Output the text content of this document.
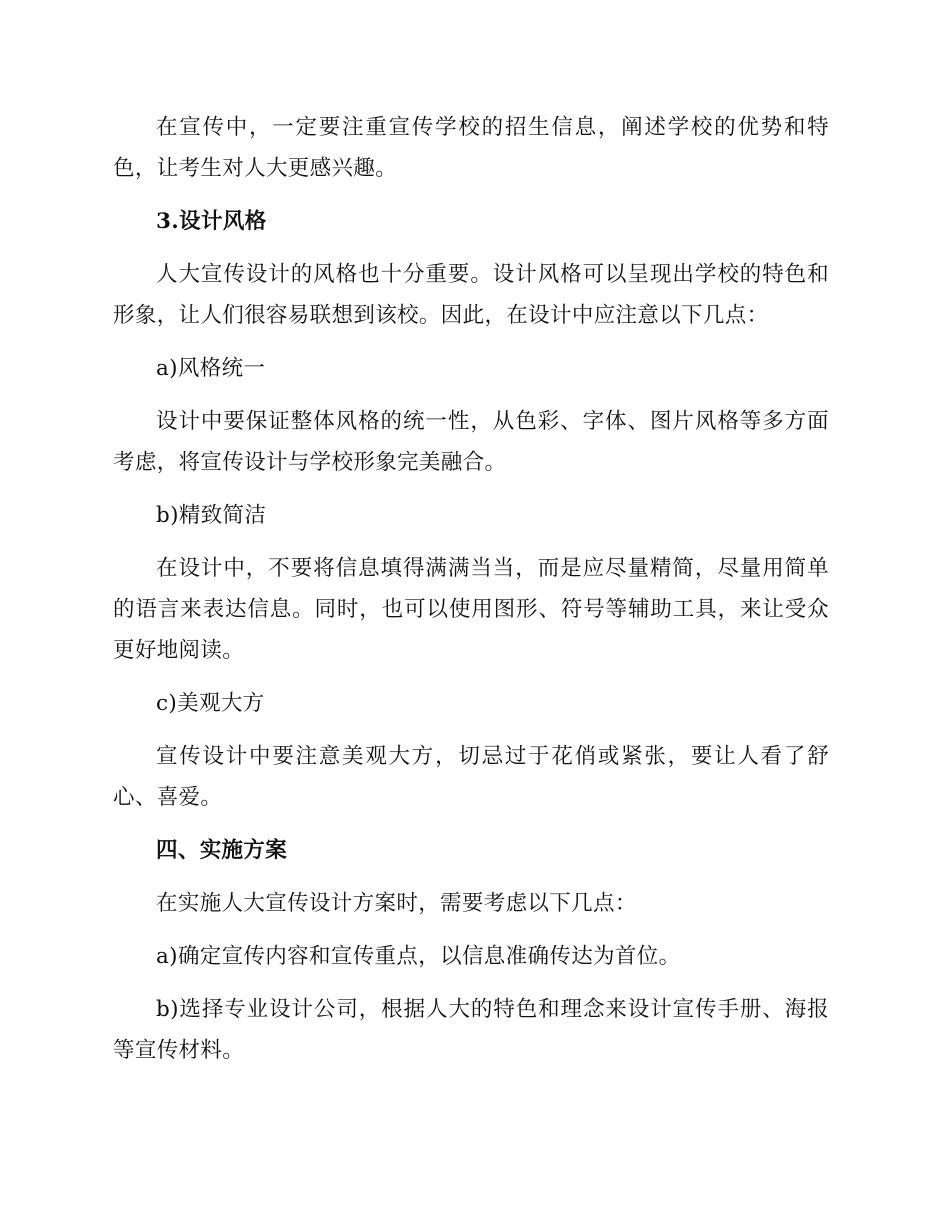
在宣传中，一定要注重宣传学校的招生信息，阐述学校的优势和特色，让考生对人大更感兴趣。

3.设计风格

人大宣传设计的风格也十分重要。设计风格可以呈现出学校的特色和形象，让人们很容易联想到该校。因此，在设计中应注意以下几点：

a)风格统一

设计中要保证整体风格的统一性，从色彩、字体、图片风格等多方面考虑，将宣传设计与学校形象完美融合。

b)精致简洁

在设计中，不要将信息填得满满当当，而是应尽量精简，尽量用简单的语言来表达信息。同时，也可以使用图形、符号等辅助工具，来让受众更好地阅读。

c)美观大方

宣传设计中要注意美观大方，切忌过于花俏或紧张，要让人看了舒心、喜爱。

四、实施方案

在实施人大宣传设计方案时，需要考虑以下几点：

a)确定宣传内容和宣传重点，以信息准确传达为首位。

b)选择专业设计公司，根据人大的特色和理念来设计宣传手册、海报等宣传材料。
